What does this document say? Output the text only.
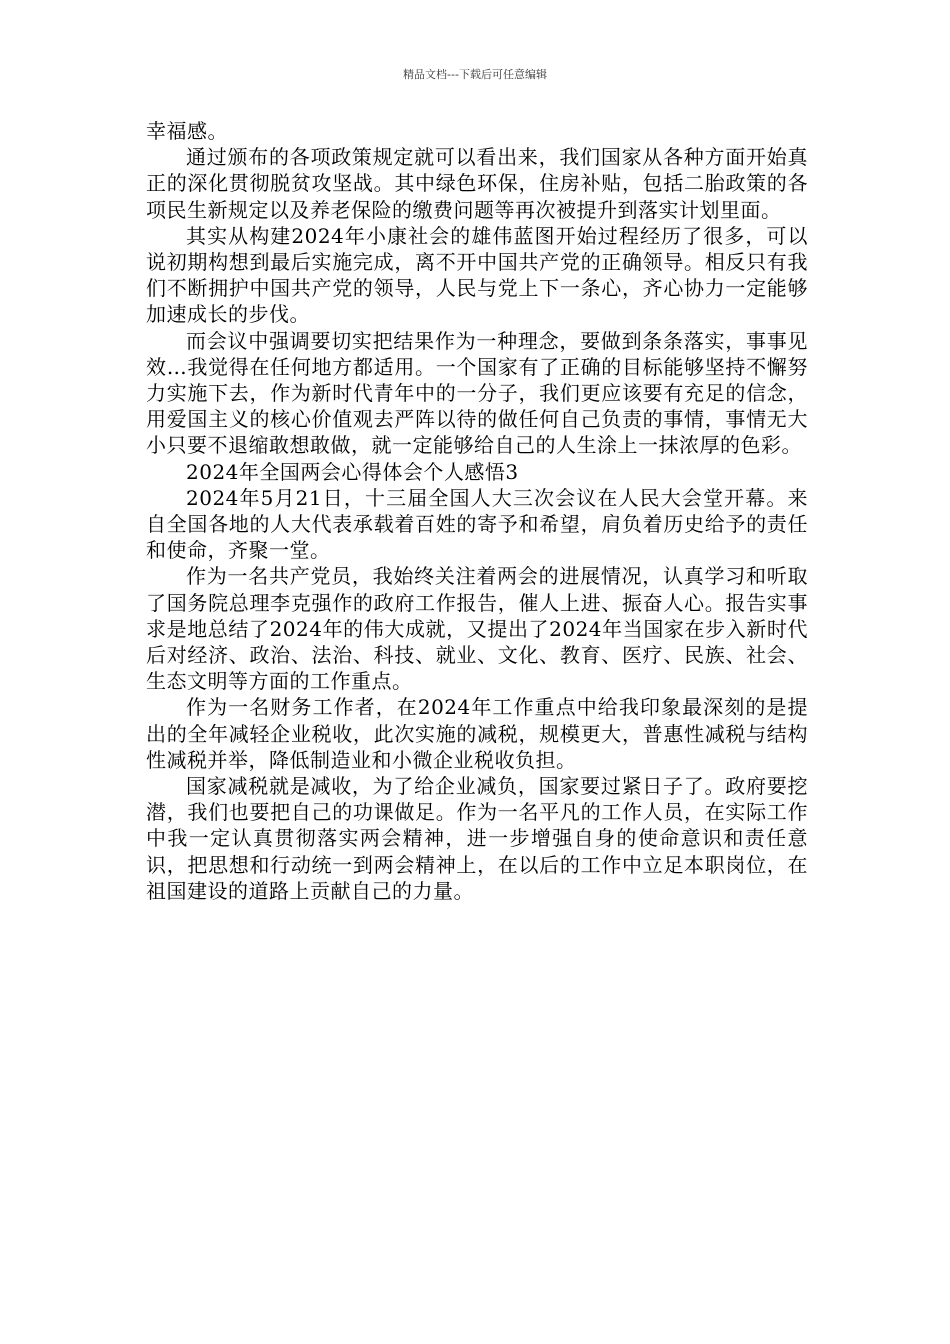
精品文档---下载后可任意编辑

幸福感。

通过颁布的各项政策规定就可以看出来，我们国家从各种方面开始真正的深化贯彻脱贫攻坚战。其中绿色环保，住房补贴，包括二胎政策的各项民生新规定以及养老保险的缴费问题等再次被提升到落实计划里面。

其实从构建2024年小康社会的雄伟蓝图开始过程经历了很多，可以说初期构想到最后实施完成，离不开中国共产党的正确领导。相反只有我们不断拥护中国共产党的领导，人民与党上下一条心，齐心协力一定能够加速成长的步伐。

而会议中强调要切实把结果作为一种理念，要做到条条落实，事事见效…我觉得在任何地方都适用。一个国家有了正确的目标能够坚持不懈努力实施下去，作为新时代青年中的一分子，我们更应该要有充足的信念，用爱国主义的核心价值观去严阵以待的做任何自己负责的事情，事情无大小只要不退缩敢想敢做，就一定能够给自己的人生涂上一抹浓厚的色彩。

2024年全国两会心得体会个人感悟3

2024年5月21日，十三届全国人大三次会议在人民大会堂开幕。来自全国各地的人大代表承载着百姓的寄予和希望，肩负着历史给予的责任和使命，齐聚一堂。

作为一名共产党员，我始终关注着两会的进展情况，认真学习和听取了国务院总理李克强作的政府工作报告，催人上进、振奋人心。报告实事求是地总结了2024年的伟大成就，又提出了2024年当国家在步入新时代后对经济、政治、法治、科技、就业、文化、教育、医疗、民族、社会、生态文明等方面的工作重点。

作为一名财务工作者，在2024年工作重点中给我印象最深刻的是提出的全年减轻企业税收，此次实施的减税，规模更大，普惠性减税与结构性减税并举，降低制造业和小微企业税收负担。

国家减税就是减收，为了给企业减负，国家要过紧日子了。政府要挖潜，我们也要把自己的功课做足。作为一名平凡的工作人员，在实际工作中我一定认真贯彻落实两会精神，进一步增强自身的使命意识和责任意识，把思想和行动统一到两会精神上，在以后的工作中立足本职岗位，在祖国建设的道路上贡献自己的力量。
